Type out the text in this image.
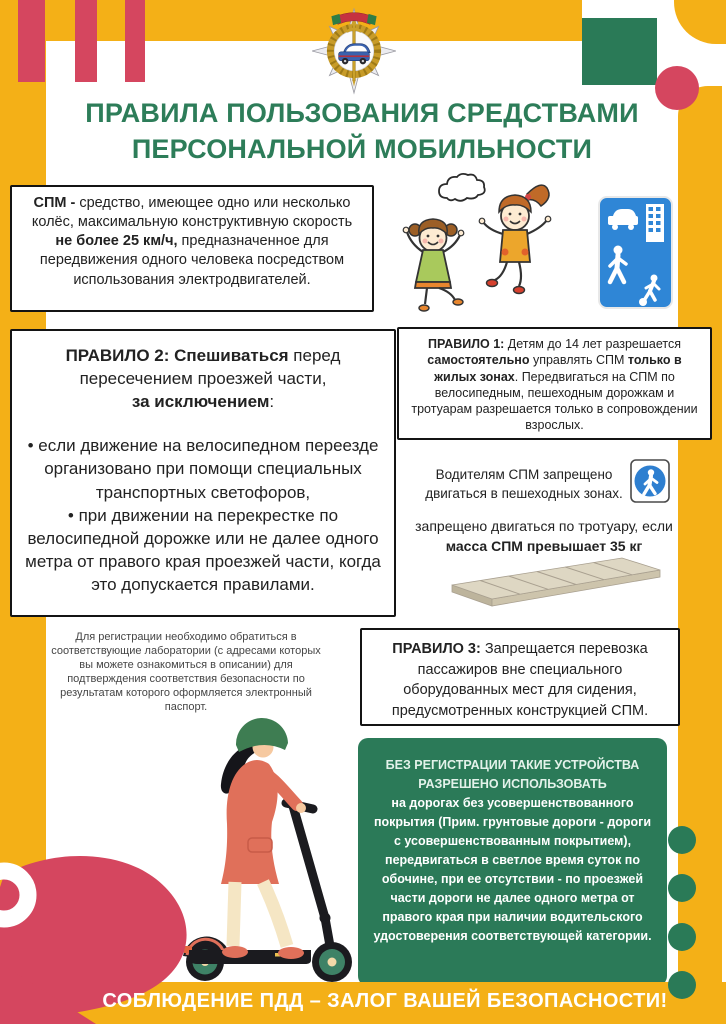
ПРАВИЛА ПОЛЬЗОВАНИЯ СРЕДСТВАМИ
ПЕРСОНАЛЬНОЙ МОБИЛЬНОСТИ
СПМ - средство, имеющее одно или несколько колёс, максимальную конструктивную скорость не более 25 км/ч, предназначенное для передвижения одного человека посредством использования электродвигателей.
ПРАВИЛО 2: Спешиваться перед пересечением проезжей части,
за исключением:
• если движение на велосипедном переезде организовано при помощи специальных транспортных светофоров,
• при движении на перекрестке по велосипедной дорожке или не далее одного метра от правого края проезжей части, когда это допускается правилами.
ПРАВИЛО 1: Детям до 14 лет разрешается самостоятельно управлять СПМ только в жилых зонах. Передвигаться на СПМ по велосипедным, пешеходным дорожкам и тротуарам разрешается только в сопровождении взрослых.
Водителям СПМ запрещено двигаться в пешеходных зонах.
запрещено двигаться по тротуару, если
масса СПМ превышает 35 кг
Для регистрации необходимо обратиться в соответствующие лаборатории (с адресами которых вы можете ознакомиться в описании) для подтверждения соответствия безопасности по результатам которого оформляется электронный паспорт.
ПРАВИЛО 3: Запрещается перевозка пассажиров вне специального оборудованных мест для сидения, предусмотренных конструкцией СПМ.
БЕЗ РЕГИСТРАЦИИ ТАКИЕ УСТРОЙСТВА
РАЗРЕШЕНО ИСПОЛЬЗОВАТЬ
на дорогах без усовершенствованного покрытия (Прим. грунтовые дороги - дороги с усовершенствованным покрытием), передвигаться в светлое время суток по обочине, при ее отсутствии - по проезжей части дороги не далее одного метра от правого края при наличии водительского удостоверения соответствующей категории.
СОБЛЮДЕНИЕ ПДД – ЗАЛОГ ВАШЕЙ БЕЗОПАСНОСТИ!
